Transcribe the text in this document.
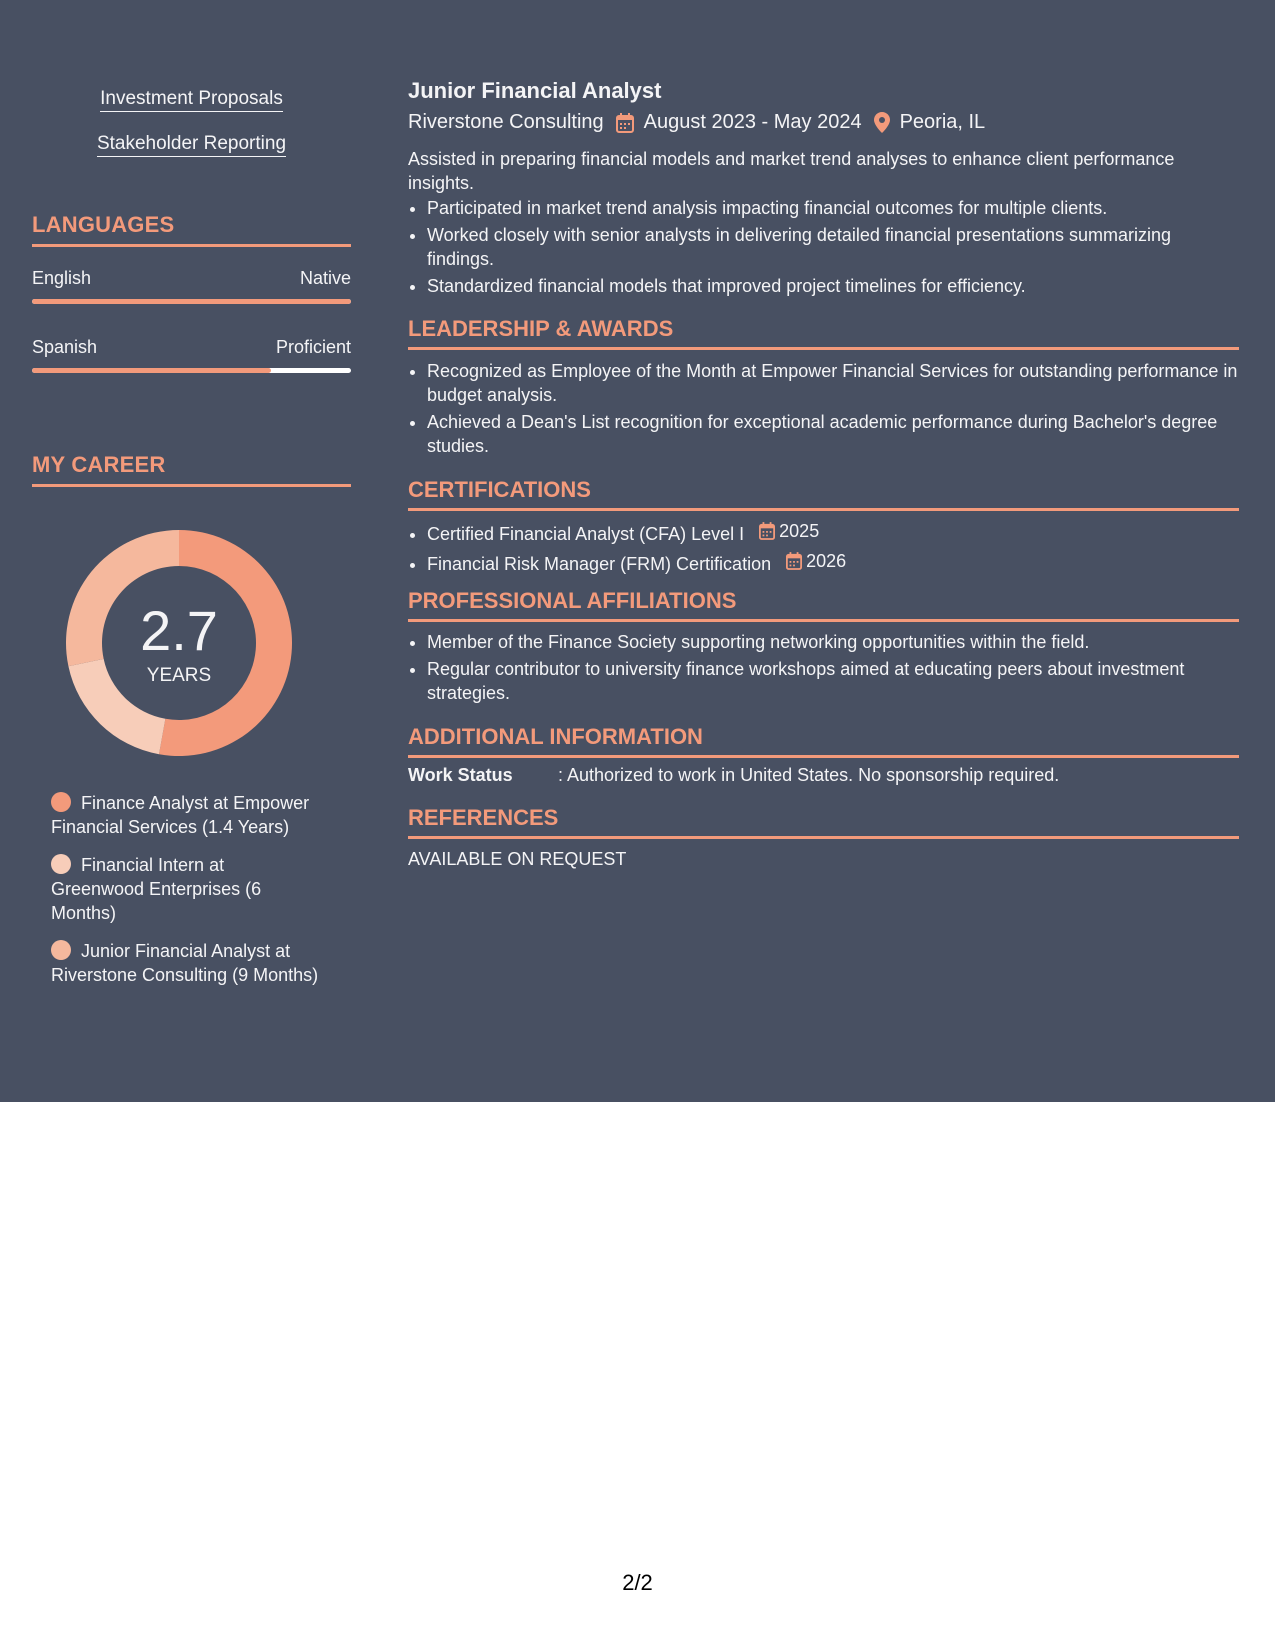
Investment Proposals
Stakeholder Reporting
LANGUAGES
English	Native
Spanish	Proficient
MY CAREER
2.7
YEARS
Finance Analyst at Empower Financial Services (1.4 Years)
Financial Intern at Greenwood Enterprises (6 Months)
Junior Financial Analyst at Riverstone Consulting (9 Months)
Junior Financial Analyst
Riverstone Consulting August 2023 - May 2024 Peoria, IL
Assisted in preparing financial models and market trend analyses to enhance client performance insights.
• Participated in market trend analysis impacting financial outcomes for multiple clients.
• Worked closely with senior analysts in delivering detailed financial presentations summarizing findings.
• Standardized financial models that improved project timelines for efficiency.
LEADERSHIP & AWARDS
• Recognized as Employee of the Month at Empower Financial Services for outstanding performance in budget analysis.
• Achieved a Dean's List recognition for exceptional academic performance during Bachelor's degree studies.
CERTIFICATIONS
• Certified Financial Analyst (CFA) Level I 2025
• Financial Risk Manager (FRM) Certification 2026
PROFESSIONAL AFFILIATIONS
• Member of the Finance Society supporting networking opportunities within the field.
• Regular contributor to university finance workshops aimed at educating peers about investment strategies.
ADDITIONAL INFORMATION
Work Status	: Authorized to work in United States. No sponsorship required.
REFERENCES
AVAILABLE ON REQUEST
2/2
